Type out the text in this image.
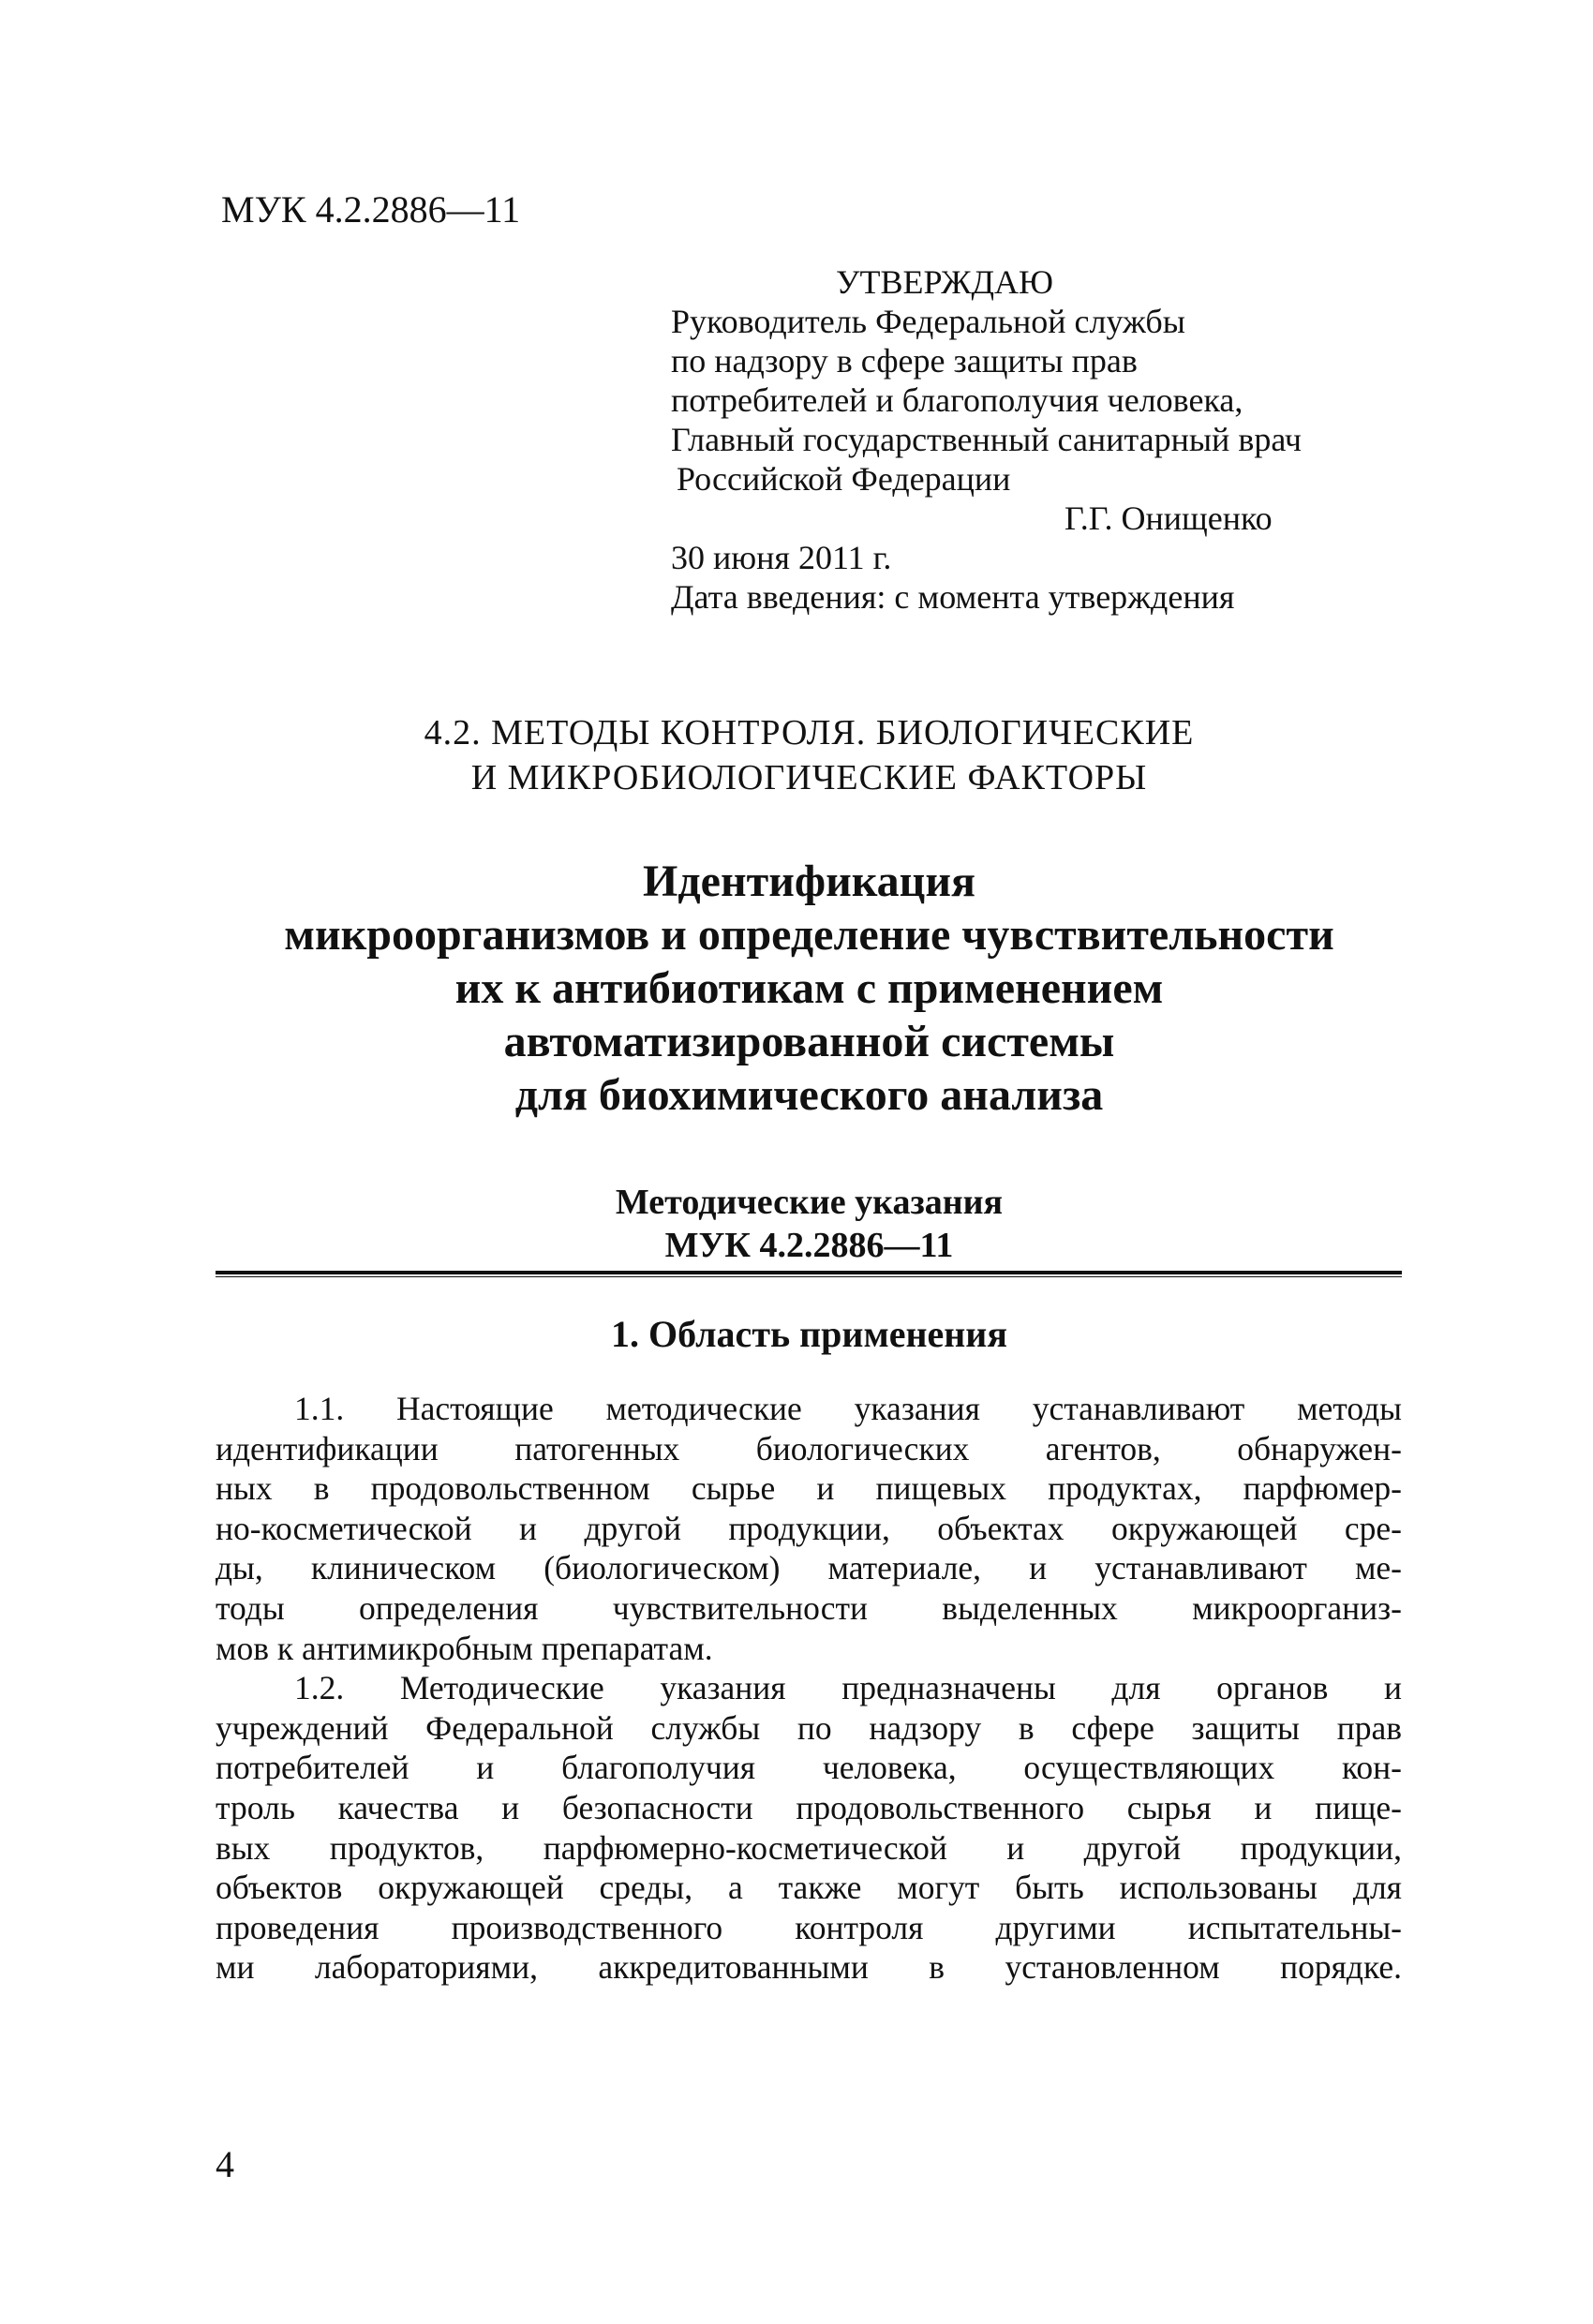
МУК 4.2.2886—11
УТВЕРЖДАЮ
Руководитель Федеральной службы
по надзору в сфере защиты прав
потребителей и благополучия человека,
Главный государственный санитарный врач
Российской Федерации
Г.Г. Онищенко
30 июня 2011 г.
Дата введения: с момента утверждения
4.2. МЕТОДЫ КОНТРОЛЯ. БИОЛОГИЧЕСКИЕ
И МИКРОБИОЛОГИЧЕСКИЕ ФАКТОРЫ
Идентификация
микроорганизмов и определение чувствительности
их к антибиотикам с применением
автоматизированной системы
для биохимического анализа
Методические указания
МУК 4.2.2886—11
1. Область применения
1.1. Настоящие методические указания устанавливают методы
идентификации патогенных биологических агентов, обнаружен-
ных в продовольственном сырье и пищевых продуктах, парфюмер-
но-косметической и другой продукции, объектах окружающей сре-
ды, клиническом (биологическом) материале, и устанавливают ме-
тоды определения чувствительности выделенных микроорганиз-
мов к антимикробным препаратам.
1.2. Методические указания предназначены для органов и
учреждений Федеральной службы по надзору в сфере защиты прав
потребителей и благополучия человека, осуществляющих кон-
троль качества и безопасности продовольственного сырья и пище-
вых продуктов, парфюмерно-косметической и другой продукции,
объектов окружающей среды, а также могут быть использованы для
проведения производственного контроля другими испытательны-
ми лабораториями, аккредитованными в установленном порядке.
4
